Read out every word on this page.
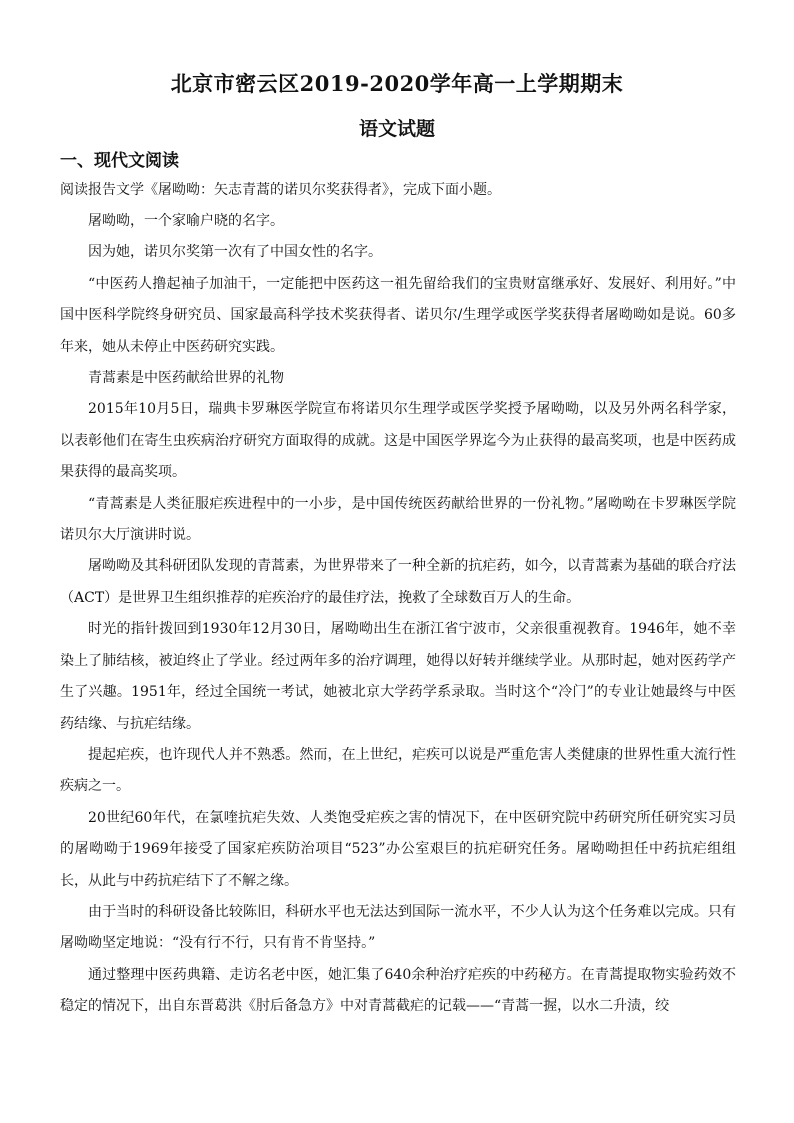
北京市密云区2019-2020学年高一上学期期末
语文试题
一、现代文阅读
阅读报告文学《屠呦呦：矢志青蒿的诺贝尔奖获得者》，完成下面小题。

屠呦呦，一个家喻户晓的名字。

因为她，诺贝尔奖第一次有了中国女性的名字。

“中医药人撸起袖子加油干，一定能把中医药这一祖先留给我们的宝贵财富继承好、发展好、利用好。”中国中医科学院终身研究员、国家最高科学技术奖获得者、诺贝尔/生理学或医学奖获得者屠呦呦如是说。60多年来，她从未停止中医药研究实践。

青蒿素是中医药献给世界的礼物

2015年10月5日，瑞典卡罗琳医学院宣布将诺贝尔生理学或医学奖授予屠呦呦，以及另外两名科学家，以表彰他们在寄生虫疾病治疗研究方面取得的成就。这是中国医学界迄今为止获得的最高奖项，也是中医药成果获得的最高奖项。

“青蒿素是人类征服疟疾进程中的一小步，是中国传统医药献给世界的一份礼物。”屠呦呦在卡罗琳医学院诺贝尔大厅演讲时说。

屠呦呦及其科研团队发现的青蒿素，为世界带来了一种全新的抗疟药，如今，以青蒿素为基础的联合疗法（ACT）是世界卫生组织推荐的疟疾治疗的最佳疗法，挽救了全球数百万人的生命。

时光的指针拨回到1930年12月30日，屠呦呦出生在浙江省宁波市，父亲很重视教育。1946年，她不幸染上了肺结核，被迫终止了学业。经过两年多的治疗调理，她得以好转并继续学业。从那时起，她对医药学产生了兴趣。1951年，经过全国统一考试，她被北京大学药学系录取。当时这个“冷门”的专业让她最终与中医药结缘、与抗疟结缘。

提起疟疾，也许现代人并不熟悉。然而，在上世纪，疟疾可以说是严重危害人类健康的世界性重大流行性疾病之一。

20世纪60年代，在氯喹抗疟失效、人类饱受疟疾之害的情况下，在中医研究院中药研究所任研究实习员的屠呦呦于1969年接受了国家疟疾防治项目“523”办公室艰巨的抗疟研究任务。屠呦呦担任中药抗疟组组长，从此与中药抗疟结下了不解之缘。

由于当时的科研设备比较陈旧，科研水平也无法达到国际一流水平，不少人认为这个任务难以完成。只有屠呦呦坚定地说：“没有行不行，只有肯不肯坚持。”

通过整理中医药典籍、走访名老中医，她汇集了640余种治疗疟疾的中药秘方。在青蒿提取物实验药效不稳定的情况下，出自东晋葛洪《肘后备急方》中对青蒿截疟的记载——“青蒿一握，以水二升渍，绞
